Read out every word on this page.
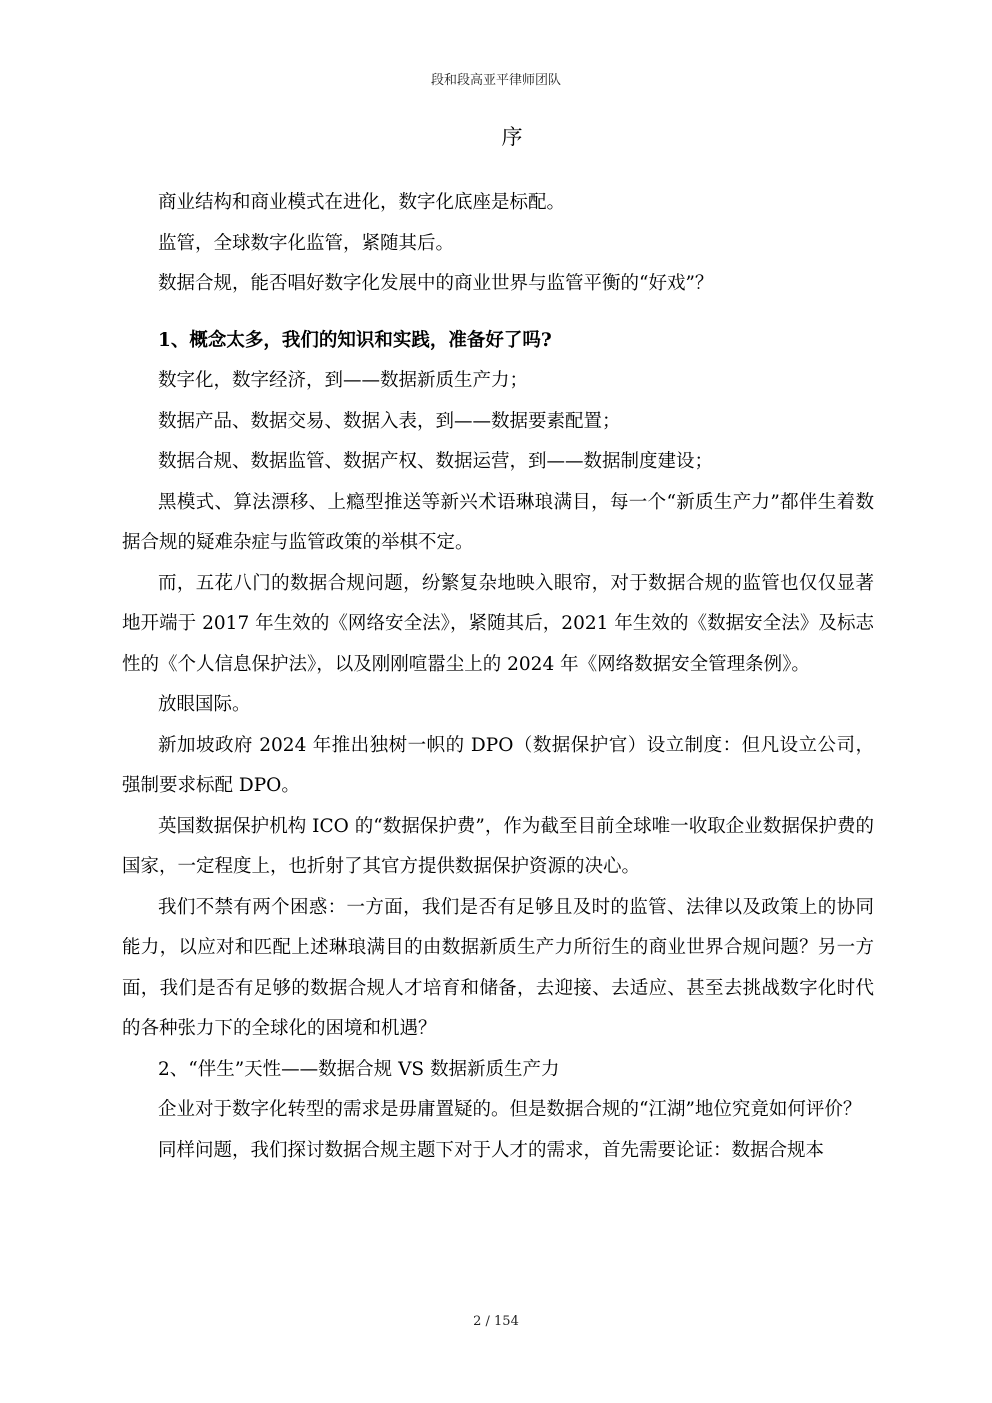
段和段高亚平律师团队
序

商业结构和商业模式在进化，数字化底座是标配。

监管，全球数字化监管，紧随其后。

数据合规，能否唱好数字化发展中的商业世界与监管平衡的“好戏”？

1、概念太多，我们的知识和实践，准备好了吗?

数字化，数字经济，到——数据新质生产力；

数据产品、数据交易、数据入表，到——数据要素配置；

数据合规、数据监管、数据产权、数据运营，到——数据制度建设；

黑模式、算法漂移、上瘾型推送等新兴术语琳琅满目，每一个“新质生产力”都伴生着数据合规的疑难杂症与监管政策的举棋不定。

而，五花八门的数据合规问题，纷繁复杂地映入眼帘，对于数据合规的监管也仅仅显著地开端于 2017 年生效的《网络安全法》，紧随其后，2021 年生效的《数据安全法》及标志性的《个人信息保护法》，以及刚刚喧嚣尘上的 2024 年《网络数据安全管理条例》。

放眼国际。

新加坡政府 2024 年推出独树一帜的 DPO（数据保护官）设立制度：但凡设立公司，强制要求标配 DPO。

英国数据保护机构 ICO 的“数据保护费”，作为截至目前全球唯一收取企业数据保护费的国家，一定程度上，也折射了其官方提供数据保护资源的决心。

我们不禁有两个困惑：一方面，我们是否有足够且及时的监管、法律以及政策上的协同能力，以应对和匹配上述琳琅满目的由数据新质生产力所衍生的商业世界合规问题？另一方面，我们是否有足够的数据合规人才培育和储备，去迎接、去适应、甚至去挑战数字化时代的各种张力下的全球化的困境和机遇？

2、“伴生”天性——数据合规 VS 数据新质生产力

企业对于数字化转型的需求是毋庸置疑的。但是数据合规的“江湖”地位究竟如何评价？

同样问题，我们探讨数据合规主题下对于人才的需求，首先需要论证：数据合规本

2 / 154
